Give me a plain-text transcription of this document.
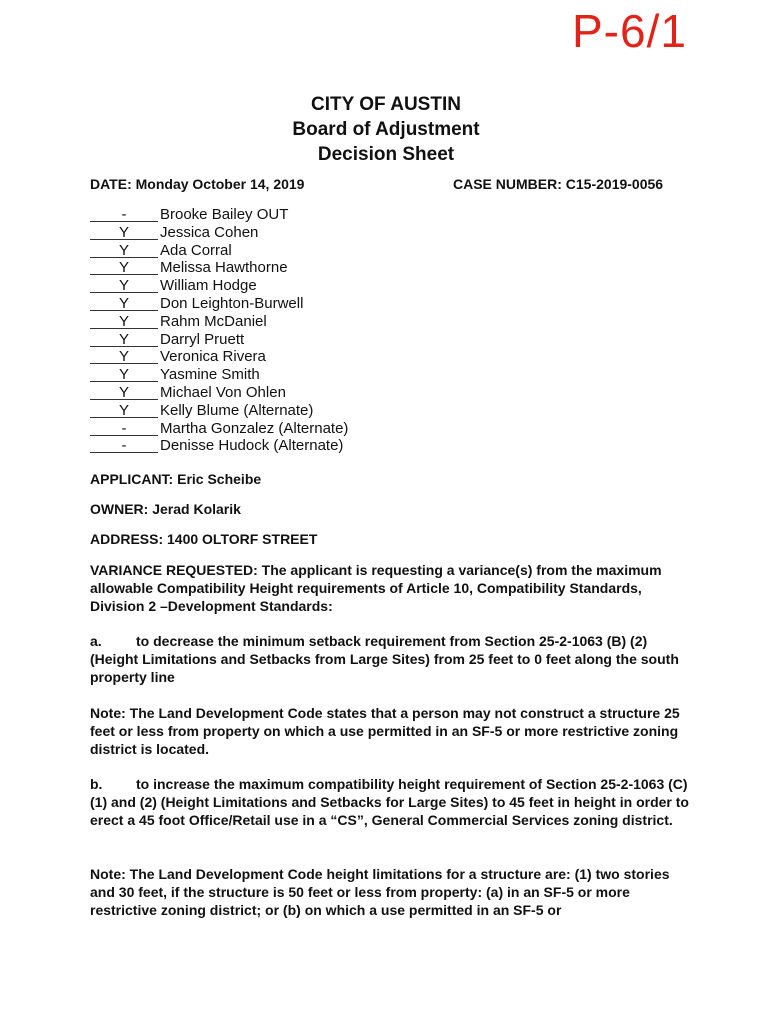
P-6/1
CITY OF AUSTIN
Board of Adjustment
Decision Sheet
DATE: Monday October 14, 2019	CASE NUMBER: C15-2019-0056
-	Brooke Bailey OUT
Y	Jessica Cohen
Y	Ada Corral
Y	Melissa Hawthorne
Y	William Hodge
Y	Don Leighton-Burwell
Y	Rahm McDaniel
Y	Darryl Pruett
Y	Veronica Rivera
Y	Yasmine Smith
Y	Michael Von Ohlen
Y	Kelly Blume (Alternate)
-	Martha Gonzalez (Alternate)
-	Denisse Hudock (Alternate)
APPLICANT: Eric Scheibe
OWNER: Jerad Kolarik
ADDRESS: 1400 OLTORF STREET
VARIANCE REQUESTED: The applicant is requesting a variance(s) from the maximum allowable Compatibility Height requirements of Article 10, Compatibility Standards, Division 2 –Development Standards:
a. to decrease the minimum setback requirement from Section 25-2-1063 (B) (2) (Height Limitations and Setbacks from Large Sites) from 25 feet to 0 feet along the south property line
Note: The Land Development Code states that a person may not construct a structure 25 feet or less from property on which a use permitted in an SF-5 or more restrictive zoning district is located.
b. to increase the maximum compatibility height requirement of Section 25-2-1063 (C) (1) and (2) (Height Limitations and Setbacks for Large Sites) to 45 feet in height in order to erect a 45 foot Office/Retail use in a “CS”, General Commercial Services zoning district.
Note: The Land Development Code height limitations for a structure are: (1) two stories and 30 feet, if the structure is 50 feet or less from property: (a) in an SF-5 or more restrictive zoning district; or (b) on which a use permitted in an SF-5 or
